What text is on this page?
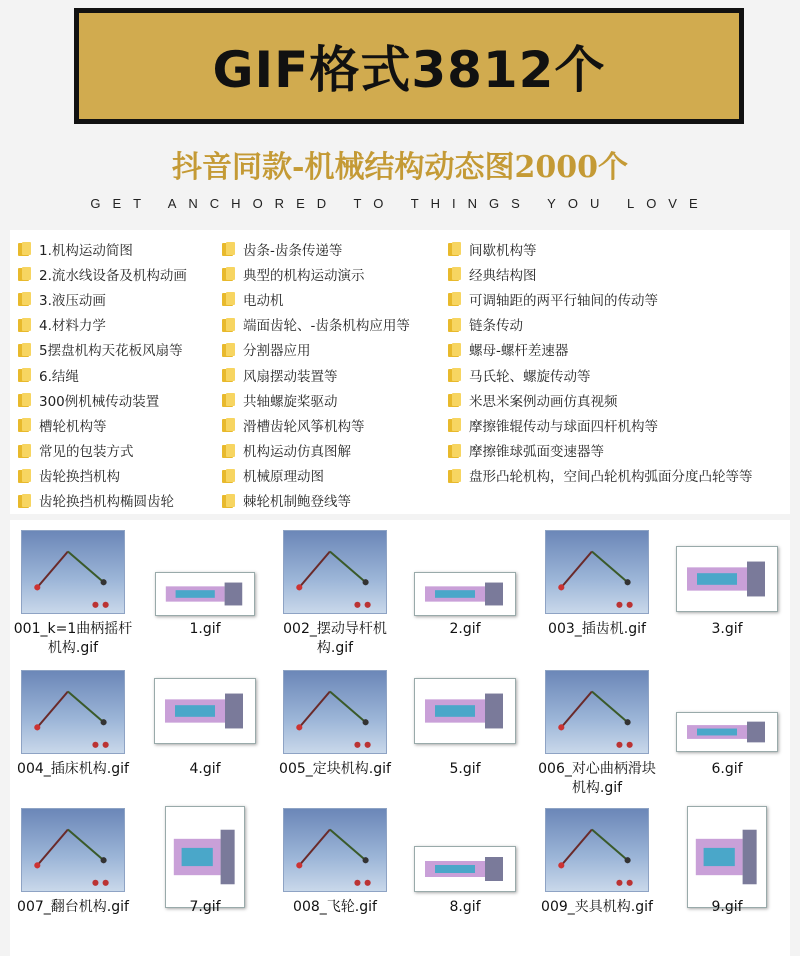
GIF格式3812个
抖音同款-机械结构动态图2000个
GET ANCHORED TO THINGS YOU LOVE
1.机构运动简图
2.流水线设备及机构动画
3.液压动画
4.材料力学
5摆盘机构天花板风扇等
6.结绳
300例机械传动装置
槽轮机构等
常见的包装方式
齿轮换挡机构
齿轮换挡机构椭圆齿轮
齿条-齿条传递等
典型的机构运动演示
电动机
端面齿轮、-齿条机构应用等
分割器应用
风扇摆动装置等
共轴螺旋桨驱动
滑槽齿轮风筝机构等
机构运动仿真图解
机械原理动图
棘轮机制鲍登线等
间歇机构等
经典结构图
可调轴距的两平行轴间的传动等
链条传动
螺母-螺杆差速器
马氏轮、螺旋传动等
米思米案例动画仿真视频
摩擦锥辊传动与球面四杆机构等
摩擦锥球弧面变速器等
盘形凸轮机构，空间凸轮机构弧面分度凸轮等等
001_k=1曲柄摇杆机构.gif
1.gif	002_摆动导杆机构.gif
2.gif	003_插齿机.gif	3.gif
004_插床机构.gif	4.gif	005_定块机构.gif	5.gif	006_对心曲柄滑块机构.gif
6.gif
007_翻台机构.gif	7.gif	008_飞轮.gif	8.gif	009_夹具机构.gif	9.gif
